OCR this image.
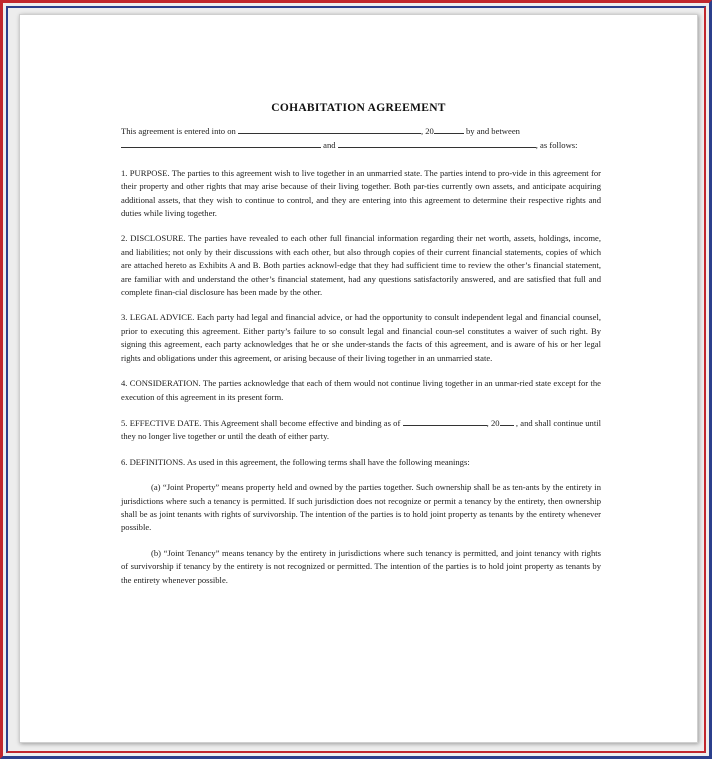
COHABITATION AGREEMENT
This agreement is entered into on	, 20	by and between
and	, as follows:

1. PURPOSE. The parties to this agreement wish to live together in an unmarried state. The parties intend to pro-vide in this agreement for their property and other rights that may arise because of their living together. Both par-ties currently own assets, and anticipate acquiring additional assets, that they wish to continue to control, and they are entering into this agreement to determine their respective rights and duties while living together.

2. DISCLOSURE. The parties have revealed to each other full financial information regarding their net worth, assets, holdings, income, and liabilities; not only by their discussions with each other, but also through copies of their current financial statements, copies of which are attached hereto as Exhibits A and B. Both parties acknowl-edge that they had sufficient time to review the other’s financial statement, are familiar with and understand the other’s financial statement, had any questions satisfactorily answered, and are satisfied that full and complete finan-cial disclosure has been made by the other.

3. LEGAL ADVICE. Each party had legal and financial advice, or had the opportunity to consult independent legal and financial counsel, prior to executing this agreement. Either party’s failure to so consult legal and financial coun-sel constitutes a waiver of such right. By signing this agreement, each party acknowledges that he or she under-stands the facts of this agreement, and is aware of his or her legal rights and obligations under this agreement, or arising because of their living together in an unmarried state.

4. CONSIDERATION. The parties acknowledge that each of them would not continue living together in an unmar-ried state except for the execution of this agreement in its present form.

5. EFFECTIVE DATE. This Agreement shall become effective and binding as of	, 20 , and shall continue until they no longer live together or until the death of either party.

6. DEFINITIONS. As used in this agreement, the following terms shall have the following meanings:

(a) “Joint Property” means property held and owned by the parties together. Such ownership shall be as ten-ants by the entirety in jurisdictions where such a tenancy is permitted. If such jurisdiction does not recognize or permit a tenancy by the entirety, then ownership shall be as joint tenants with rights of survivorship. The intention of the parties is to hold joint property as tenants by the entirety whenever possible.

(b) “Joint Tenancy” means tenancy by the entirety in jurisdictions where such tenancy is permitted, and joint tenancy with rights of survivorship if tenancy by the entirety is not recognized or permitted. The intention of the parties is to hold joint property as tenants by the entirety whenever possible.
